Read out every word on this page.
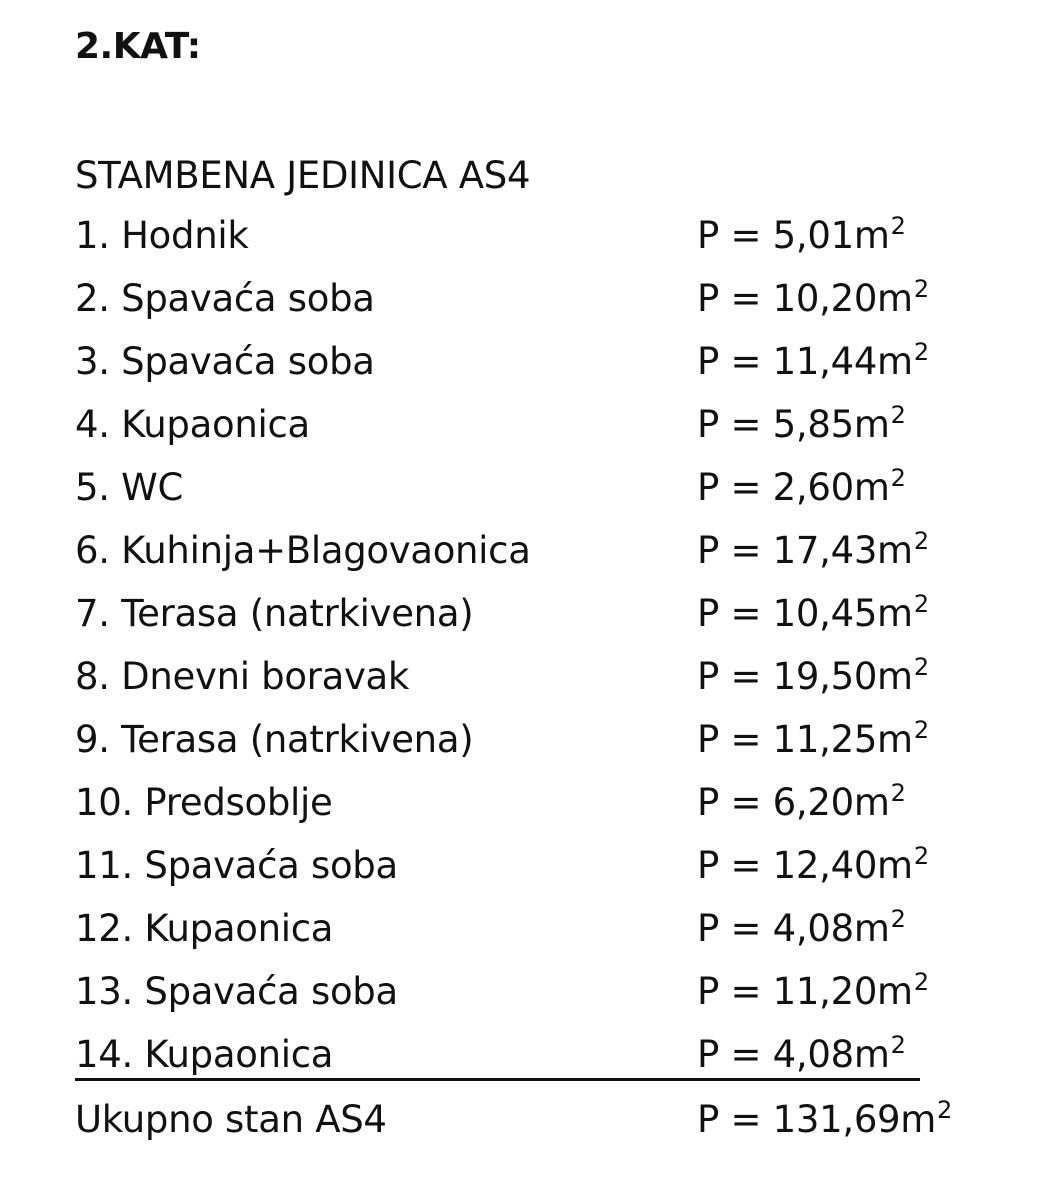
2.KAT:
STAMBENA JEDINICA AS4
1. Hodnik	$P = 5,01m^2$
2. Spavaća soba	$P = 10,20m^2$
3. Spavaća soba	$P = 11,44m^2$
4. Kupaonica	$P = 5,85m^2$
5. WC	$P = 2,60m^2$
6. Kuhinja+Blagovaonica	$P = 17,43m^2$
7. Terasa (natrkivena)	$P = 10,45m^2$
8. Dnevni boravak	$P = 19,50m^2$
9. Terasa (natrkivena)	$P = 11,25m^2$
10. Predsoblje	$P = 6,20m^2$
11. Spavaća soba	$P = 12,40m^2$
12. Kupaonica	$P = 4,08m^2$
13. Spavaća soba	$P = 11,20m^2$
14. Kupaonica	$P = 4,08m^2$
Ukupno stan AS4	$P = 131,69m^2$
